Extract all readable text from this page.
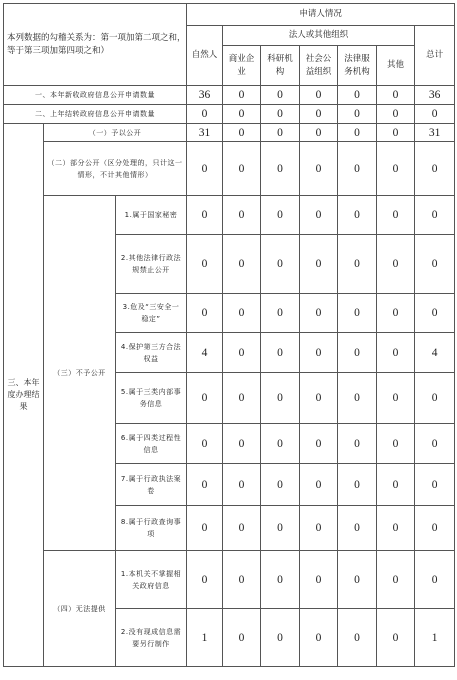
本列数据的勾稽关系为：第一项加第二项之和，等于第三项加第四项之和）			申请人情况						
			自然人	法人或其他组织					总计
				商业企业	科研机构	社会公益组织	法律服务机构	其他	
一、本年新收政府信息公开申请数量			36	0	0	0	0	0	36
二、上年结转政府信息公开申请数量			0	0	0	0	0	0	0
三、本年度办理结果	（一）予以公开		31	0	0	0	0	0	31
	（二）部分公开（区分处理的，只计这一情形，不计其他情形）		0	0	0	0	0	0	0
	（三）不予公开	1.属于国家秘密	0	0	0	0	0	0	0
		2.其他法律行政法规禁止公开	0	0	0	0	0	0	0
		3.危及“三安全一稳定”	0	0	0	0	0	0	0
		4.保护第三方合法权益	4	0	0	0	0	0	4
		5.属于三类内部事务信息	0	0	0	0	0	0	0
		6.属于四类过程性信息	0	0	0	0	0	0	0
		7.属于行政执法案卷	0	0	0	0	0	0	0
		8.属于行政查询事项	0	0	0	0	0	0	0
	（四）无法提供	1.本机关不掌握相关政府信息	0	0	0	0	0	0	0
		2.没有现成信息需要另行制作	1	0	0	0	0	0	1
